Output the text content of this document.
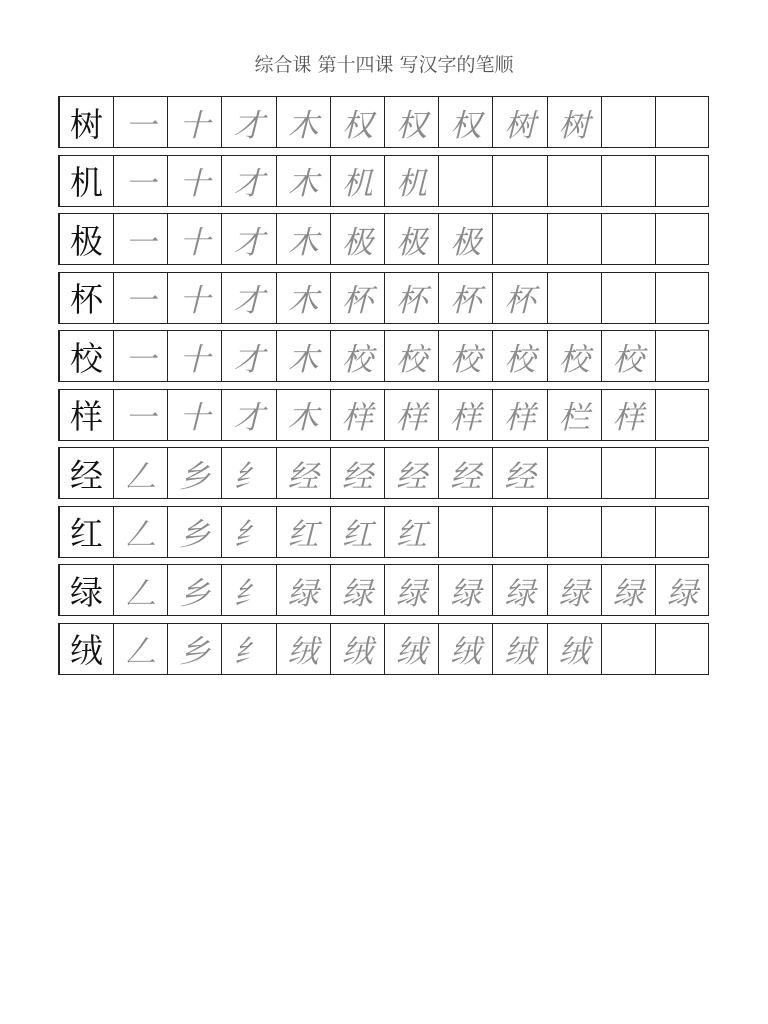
综合课 第十四课 写汉字的笔顺
树 一 十 才 木 权 权 权 树 树
机 一 十 才 木 机 机
极 一 十 才 木 极 极 极
杯 一 十 才 木 杯 杯 杯 杯
校 一 十 才 木 校 校 校 校 校 校
样 一 十 才 木 样 样 样 样 栏 样
经 𠃋 乡 纟 经 经 经 经 经
红 𠃋 乡 纟 红 红 红
绿 𠃋 乡 纟 绿 绿 绿 绿 绿 绿 绿 绿
绒 𠃋 乡 纟 绒 绒 绒 绒 绒 绒
